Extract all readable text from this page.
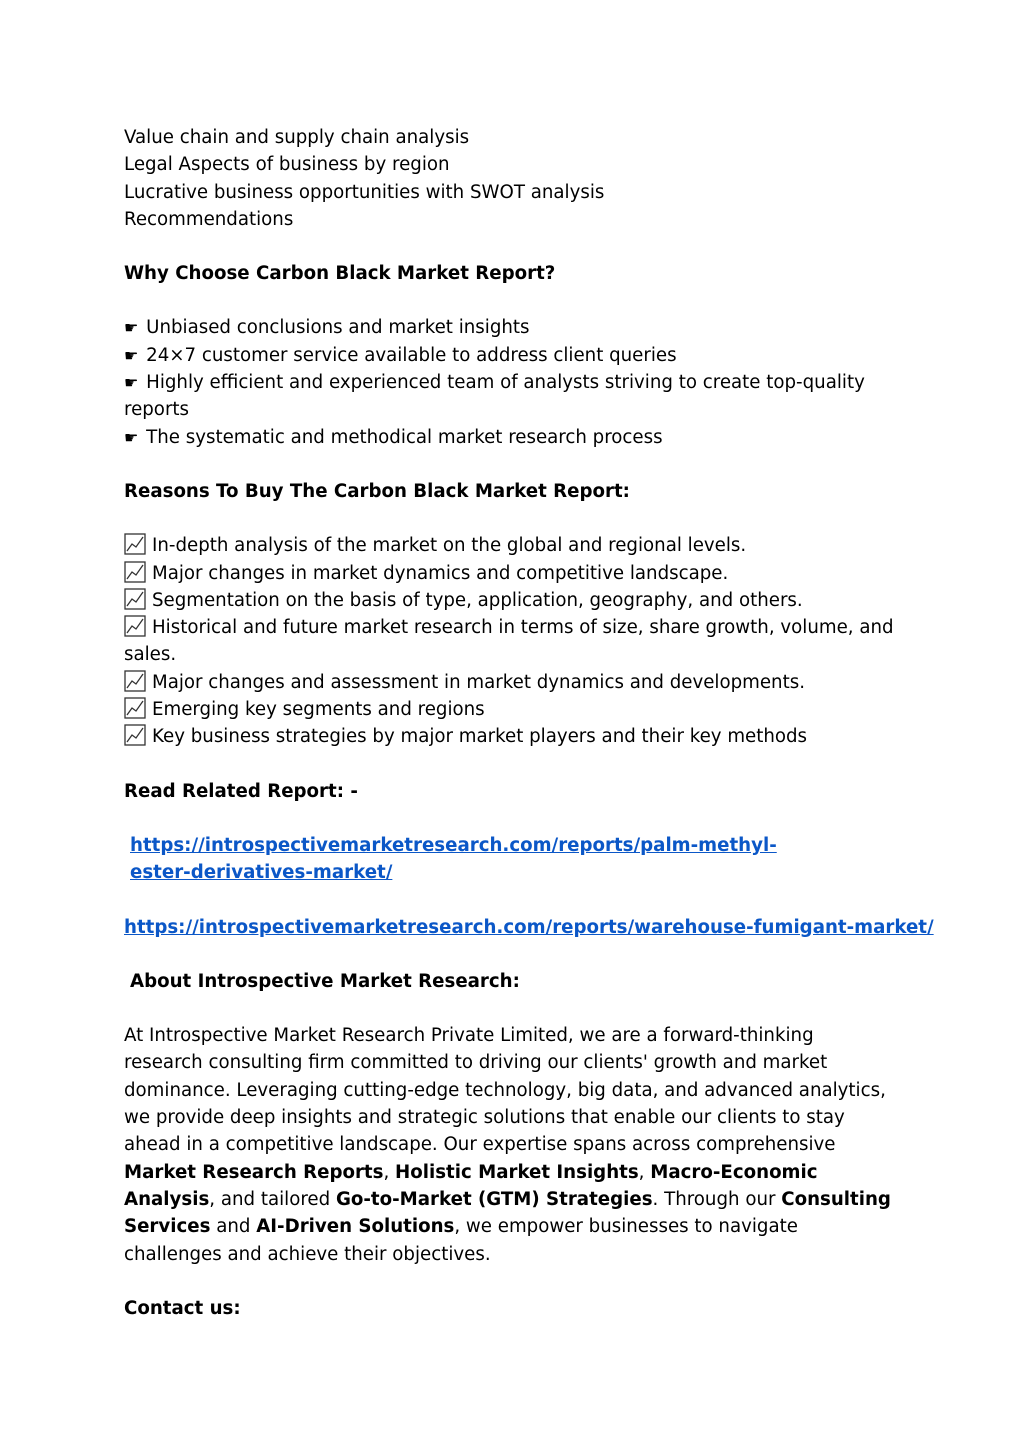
Value chain and supply chain analysis
Legal Aspects of business by region
Lucrative business opportunities with SWOT analysis
Recommendations
Why Choose Carbon Black Market Report?
☛ Unbiased conclusions and market insights
☛ 24×7 customer service available to address client queries
☛ Highly efficient and experienced team of analysts striving to create top-quality reports
☛ The systematic and methodical market research process
Reasons To Buy The Carbon Black Market Report:
In-depth analysis of the market on the global and regional levels.
Major changes in market dynamics and competitive landscape.
Segmentation on the basis of type, application, geography, and others.
Historical and future market research in terms of size, share growth, volume, and sales.
Major changes and assessment in market dynamics and developments.
Emerging key segments and regions
Key business strategies by major market players and their key methods
Read Related Report: -
https://introspectivemarketresearch.com/reports/palm-methyl-ester-derivatives-market/
https://introspectivemarketresearch.com/reports/warehouse-fumigant-market/
About Introspective Market Research:
At Introspective Market Research Private Limited, we are a forward-thinking research consulting firm committed to driving our clients' growth and market dominance. Leveraging cutting-edge technology, big data, and advanced analytics, we provide deep insights and strategic solutions that enable our clients to stay ahead in a competitive landscape. Our expertise spans across comprehensive Market Research Reports, Holistic Market Insights, Macro-Economic Analysis, and tailored Go-to-Market (GTM) Strategies. Through our Consulting Services and AI-Driven Solutions, we empower businesses to navigate challenges and achieve their objectives.
Contact us:
